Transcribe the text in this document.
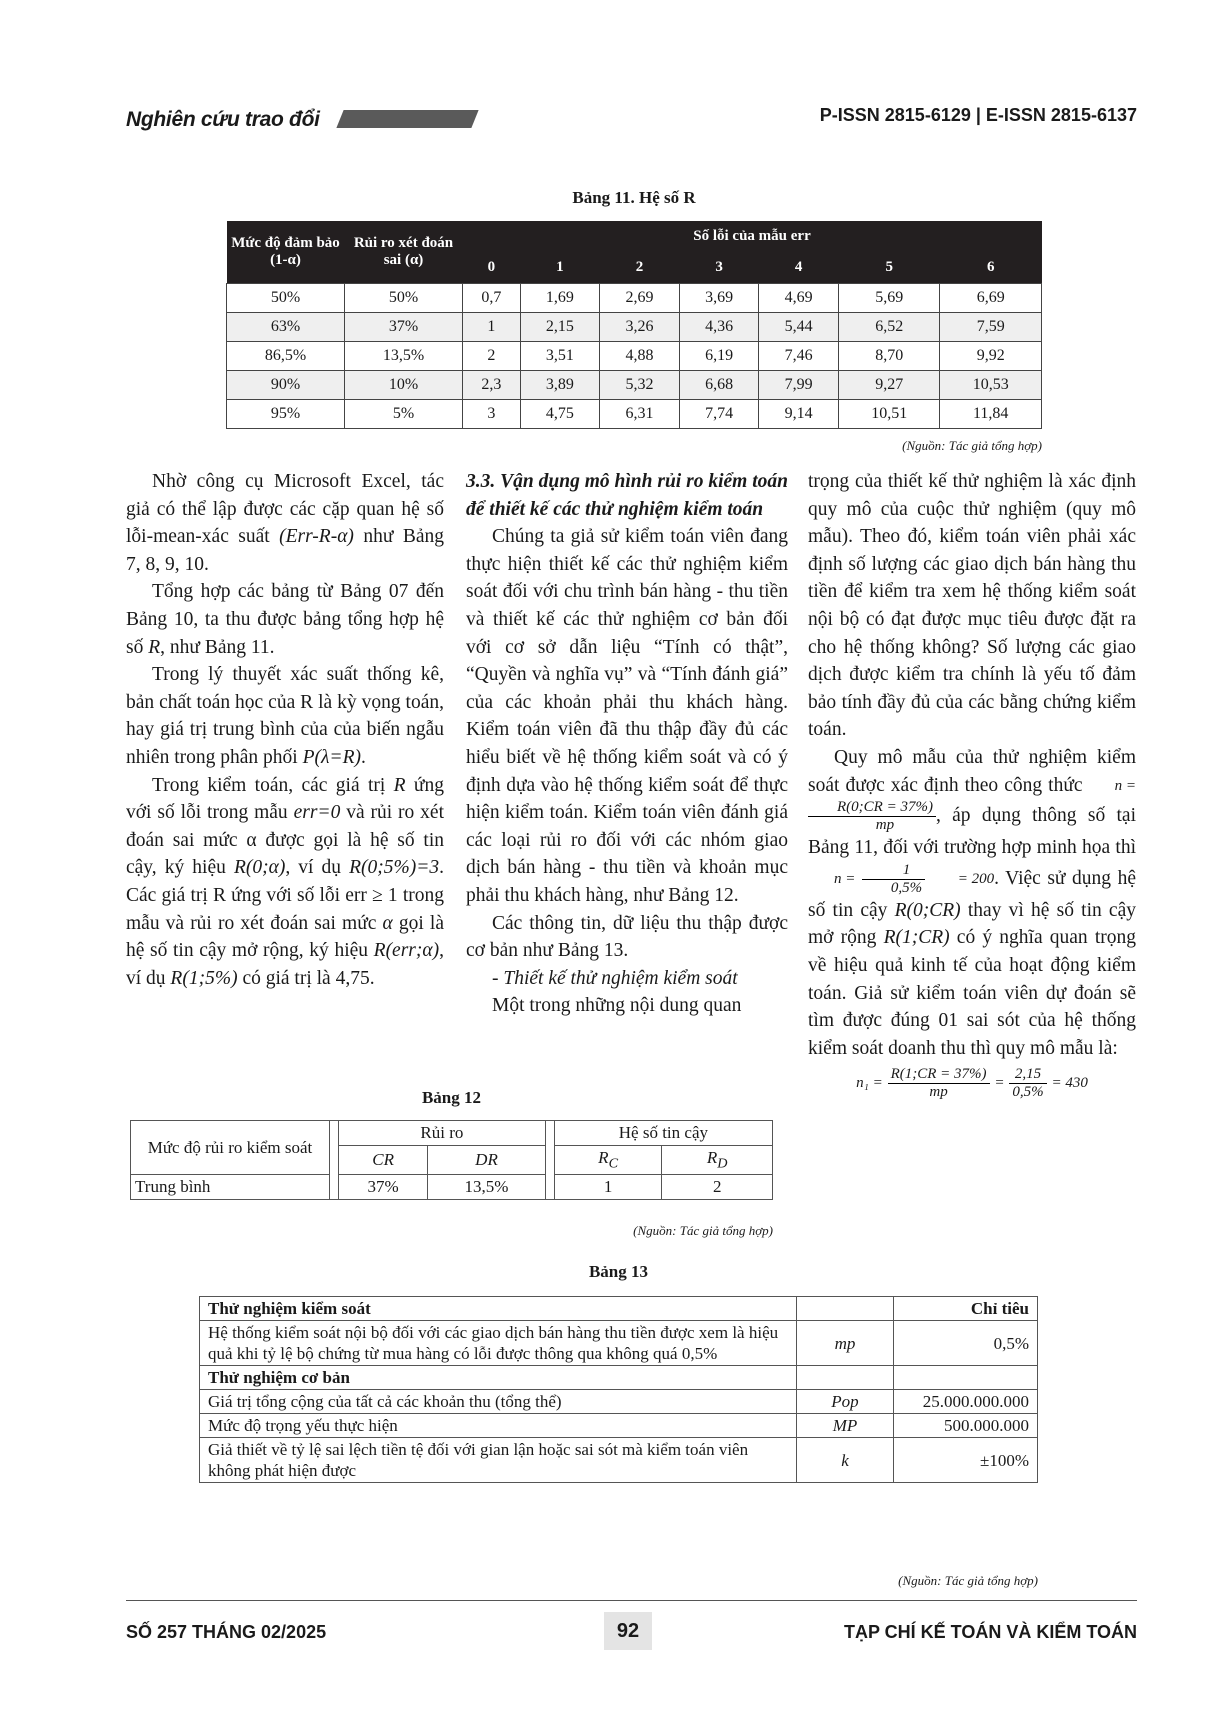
Nghiên cứu trao đổi	P-ISSN 2815-6129 | E-ISSN 2815-6137
Bảng 11. Hệ số R
Mức độ đảm bảo (1-α)	Rủi ro xét đoán sai (α)	Số lỗi của mẫu err						
		0	1	2	3	4	5	6
50%	50%	0,7	1,69	2,69	3,69	4,69	5,69	6,69
63%	37%	1	2,15	3,26	4,36	5,44	6,52	7,59
86,5%	13,5%	2	3,51	4,88	6,19	7,46	8,70	9,92
90%	10%	2,3	3,89	5,32	6,68	7,99	9,27	10,53
95%	5%	3	4,75	6,31	7,74	9,14	10,51	11,84
(Nguồn: Tác giả tổng hợp)

Nhờ công cụ Microsoft Excel, tác giả có thể lập được các cặp quan hệ số lỗi-mean-xác suất (Err-R-α) như Bảng 7, 8, 9, 10.

Tổng hợp các bảng từ Bảng 07 đến Bảng 10, ta thu được bảng tổng hợp hệ số R, như Bảng 11.

Trong lý thuyết xác suất thống kê, bản chất toán học của R là kỳ vọng toán, hay giá trị trung bình của của biến ngẫu nhiên trong phân phối P(λ=R).

Trong kiểm toán, các giá trị R ứng với số lỗi trong mẫu err=0 và rủi ro xét đoán sai mức α được gọi là hệ số tin cậy, ký hiệu R(0;α), ví dụ R(0;5%)=3. Các giá trị R ứng với số lỗi err ≥ 1 trong mẫu và rủi ro xét đoán sai mức α gọi là hệ số tin cậy mở rộng, ký hiệu R(err;α), ví dụ R(1;5%) có giá trị là 4,75.

3.3. Vận dụng mô hình rủi ro kiểm toán để thiết kế các thử nghiệm kiểm toán

Chúng ta giả sử kiểm toán viên đang thực hiện thiết kế các thử nghiệm kiểm soát đối với chu trình bán hàng - thu tiền và thiết kế các thử nghiệm cơ bản đối với cơ sở dẫn liệu “Tính có thật”, “Quyền và nghĩa vụ” và “Tính đánh giá” của các khoản phải thu khách hàng. Kiểm toán viên đã thu thập đầy đủ các hiểu biết về hệ thống kiểm soát và có ý định dựa vào hệ thống kiểm soát để thực hiện kiểm toán. Kiểm toán viên đánh giá các loại rủi ro đối với các nhóm giao dịch bán hàng - thu tiền và khoản mục phải thu khách hàng, như Bảng 12.

Các thông tin, dữ liệu thu thập được cơ bản như Bảng 13.

- Thiết kế thử nghiệm kiểm soát

Một trong những nội dung quan

trọng của thiết kế thử nghiệm là xác định quy mô của cuộc thử nghiệm (quy mô mẫu). Theo đó, kiểm toán viên phải xác định số lượng các giao dịch bán hàng thu tiền để kiểm tra xem hệ thống kiểm soát nội bộ có đạt được mục tiêu được đặt ra cho hệ thống không? Số lượng các giao dịch được kiểm tra chính là yếu tố đảm bảo tính đầy đủ của các bằng chứng kiểm toán.

Quy mô mẫu của thử nghiệm kiểm soát được xác định theo công thức n =
$\frac{R(0;CR = 37\%)}{mp}$ , áp dụng thông số tại Bảng 11, đối với trường hợp minh họa thì $n = \frac{1}{0,5\%} = 200$. Việc sử dụng hệ số tin cậy R(0;CR) thay vì hệ số tin cậy mở rộng R(1;CR) có ý nghĩa quan trọng về hiệu quả kinh tế của hoạt động kiểm toán. Giả sử kiểm toán viên dự đoán sẽ tìm được đúng 01 sai sót của hệ thống kiểm soát doanh thu thì quy mô mẫu là:

$n_1 = \frac{R(1;CR = 37\%)}{mp} = \frac{2,15}{0,5\%} = 430$
Bảng 12
Mức độ rủi ro kiểm soát		Rủi ro			Hệ số tin cậy	
		CR	DR		$R_C$	$R_D$
Trung bình		37%	13,5%		1	2
(Nguồn: Tác giả tổng hợp)
Bảng 13
Thử nghiệm kiểm soát		Chỉ tiêu
Hệ thống kiểm soát nội bộ đối với các giao dịch bán hàng thu tiền được xem là hiệu quả khi tỷ lệ bộ chứng từ mua hàng có lỗi được thông qua không quá 0,5%	mp	0,5%
Thử nghiệm cơ bản		
Giá trị tổng cộng của tất cả các khoản thu (tổng thể)	Pop	25.000.000.000
Mức độ trọng yếu thực hiện	MP	500.000.000
Giả thiết về tỷ lệ sai lệch tiền tệ đối với gian lận hoặc sai sót mà kiểm toán viên không phát hiện được	k	±100%
(Nguồn: Tác giả tổng hợp)
SỐ 257 THÁNG 02/2025	92	TẠP CHÍ KẾ TOÁN VÀ KIỂM TOÁN
